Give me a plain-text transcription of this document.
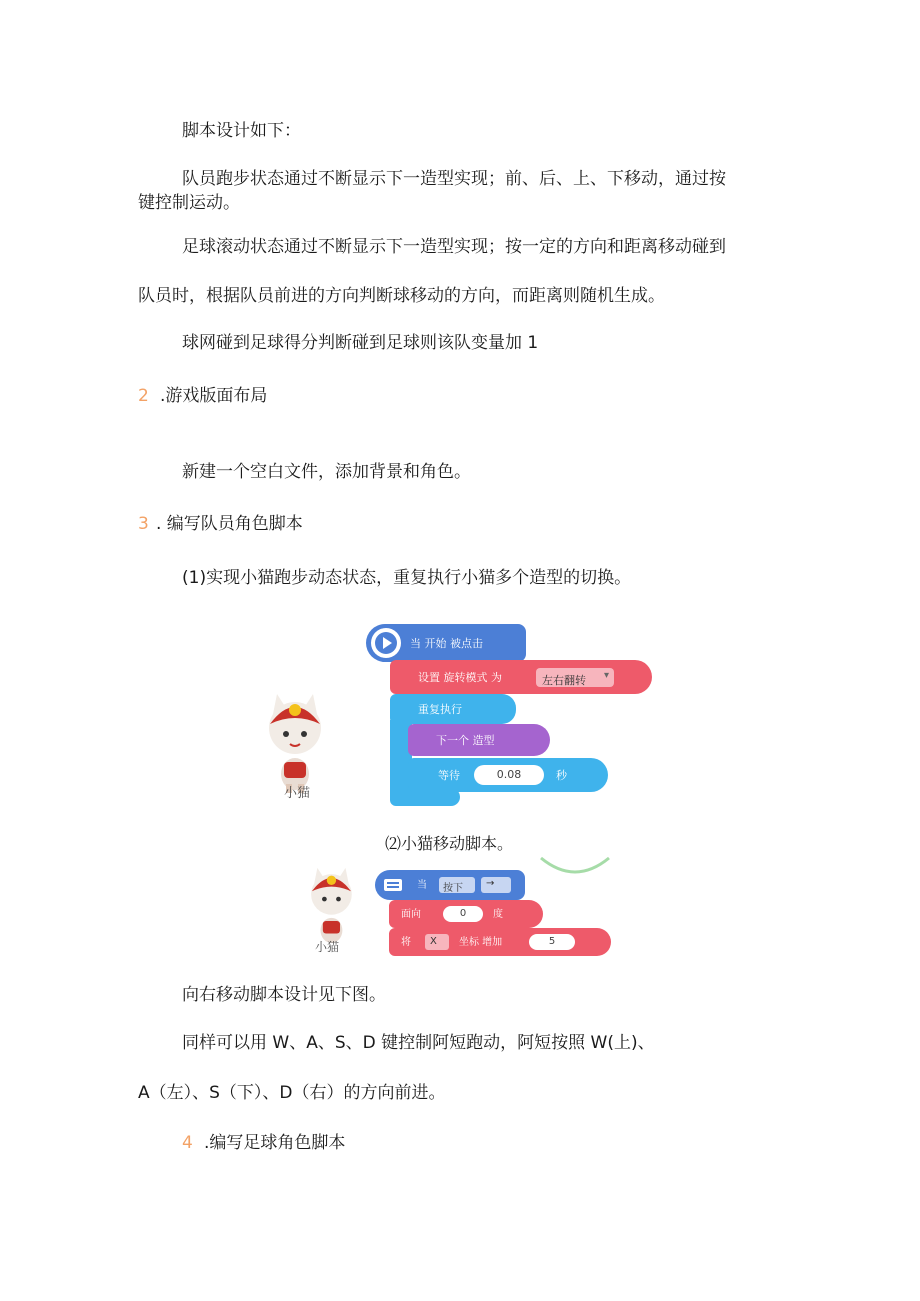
脚本设计如下：
队员跑步状态通过不断显示下一造型实现；前、后、上、下移动，通过按
键控制运动。
足球滚动状态通过不断显示下一造型实现；按一定的方向和距离移动碰到
队员时，根据队员前进的方向判断球移动的方向，而距离则随机生成。
球网碰到足球得分判断碰到足球则该队变量加 1
2 .游戏版面布局
新建一个空白文件，添加背景和角色。
3 . 编写队员角色脚本
(1)实现小猫跑步动态状态，重复执行小猫多个造型的切换。
小猫
当 开始 被点击
设置 旋转模式 为	左右翻转 ▾
重复执行
下一个 造型
等待	0.08	秒
⑵小猫移动脚本。
小猫
当 按下 →
面向	0	度
将 X 坐标 增加	5
向右移动脚本设计见下图。
同样可以用 W、A、S、D 键控制阿短跑动，阿短按照 W(上)、
A（左）、S（下）、D（右）的方向前进。
4 .编写足球角色脚本
